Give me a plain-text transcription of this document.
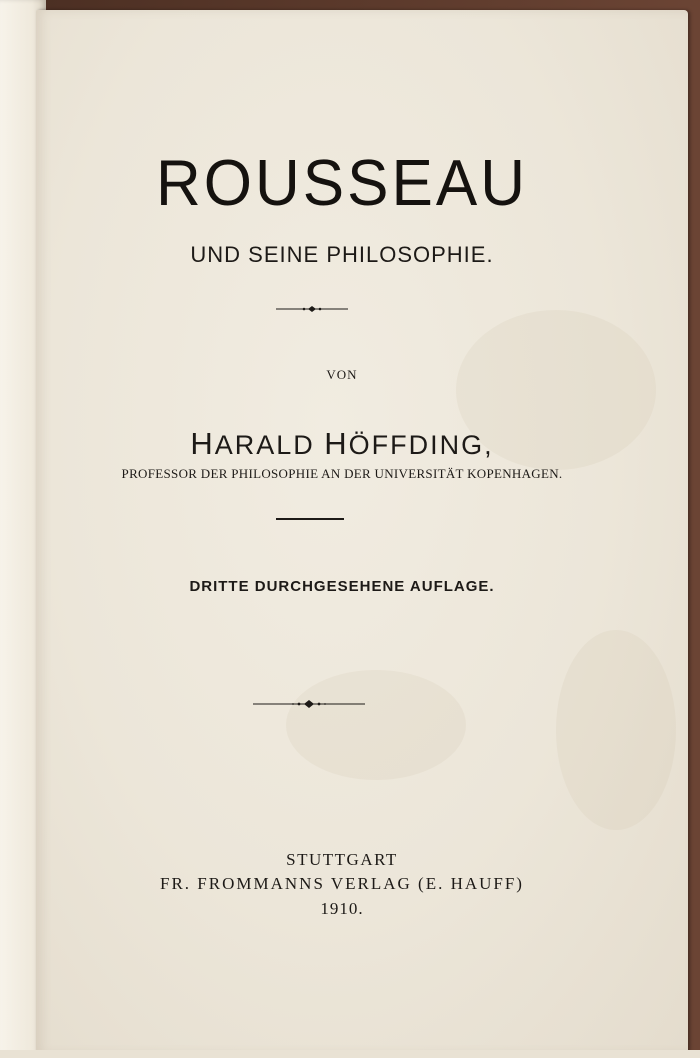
ROUSSEAU
UND SEINE PHILOSOPHIE.
VON
HARALD HÖFFDING,
PROFESSOR DER PHILOSOPHIE AN DER UNIVERSITÄT KOPENHAGEN.
DRITTE DURCHGESEHENE AUFLAGE.
STUTTGART
FR. FROMMANNS VERLAG (E. HAUFF)
1910.
